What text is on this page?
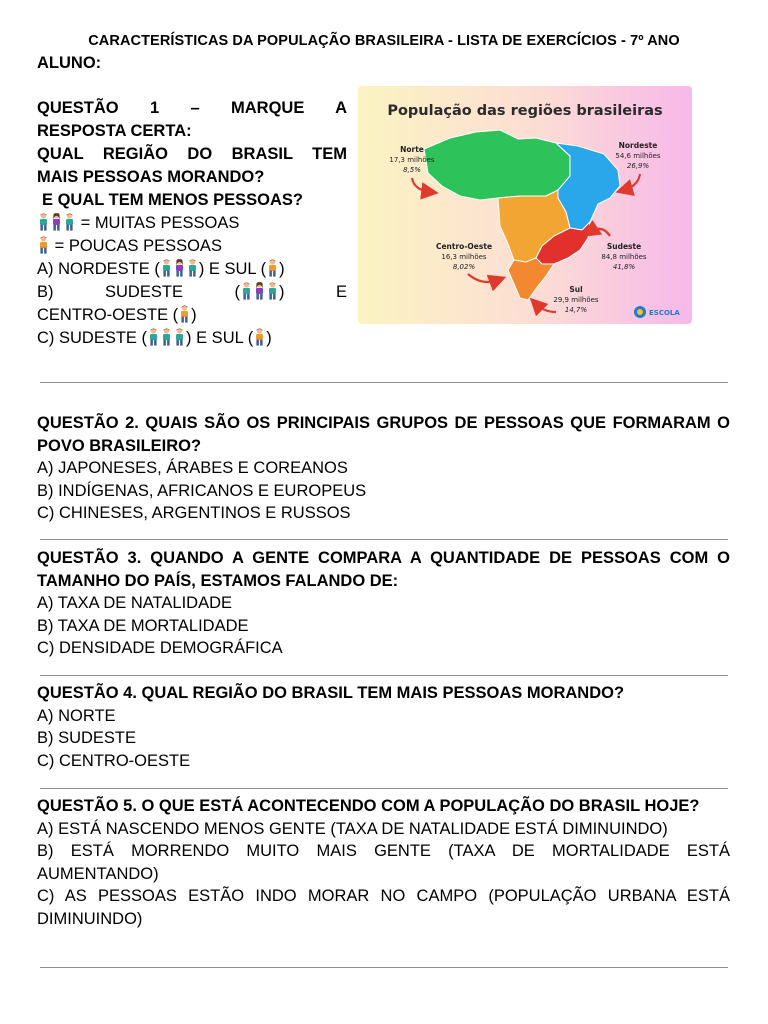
CARACTERÍSTICAS DA POPULAÇÃO BRASILEIRA - LISTA DE EXERCÍCIOS - 7º ANO
ALUNO:
QUESTÃO 1 – MARQUE A
RESPOSTA CERTA:
QUAL REGIÃO DO BRASIL TEM
MAIS PESSOAS MORANDO?
E QUAL TEM MENOS PESSOAS?
= MUITAS PESSOAS
= POUCAS PESSOAS
A) NORDESTE ( ) E SUL ( )
B)	SUDESTE	( )	E
CENTRO-OESTE ( )
C) SUDESTE ( ) E SUL ( )
População das regiões brasileiras
Norte
17,3 milhões
8,5%
Nordeste
54,6 milhões
26,9%
Centro-Oeste
16,3 milhões
8,02%
Sudeste
84,8 milhões
41,8%
Sul
29,9 milhões
14,7%	ESCOLA
QUESTÃO 2. QUAIS SÃO OS PRINCIPAIS GRUPOS DE PESSOAS QUE FORMARAM O POVO BRASILEIRO?
A) JAPONESES, ÁRABES E COREANOS
B) INDÍGENAS, AFRICANOS E EUROPEUS
C) CHINESES, ARGENTINOS E RUSSOS
QUESTÃO 3. QUANDO A GENTE COMPARA A QUANTIDADE DE PESSOAS COM O TAMANHO DO PAÍS, ESTAMOS FALANDO DE:
A) TAXA DE NATALIDADE
B) TAXA DE MORTALIDADE
C) DENSIDADE DEMOGRÁFICA
QUESTÃO 4. QUAL REGIÃO DO BRASIL TEM MAIS PESSOAS MORANDO?
A) NORTE
B) SUDESTE
C) CENTRO-OESTE
QUESTÃO 5. O QUE ESTÁ ACONTECENDO COM A POPULAÇÃO DO BRASIL HOJE?
A) ESTÁ NASCENDO MENOS GENTE (TAXA DE NATALIDADE ESTÁ DIMINUINDO)
B) ESTÁ MORRENDO MUITO MAIS GENTE (TAXA DE MORTALIDADE ESTÁ AUMENTANDO)
C) AS PESSOAS ESTÃO INDO MORAR NO CAMPO (POPULAÇÃO URBANA ESTÁ DIMINUINDO)
